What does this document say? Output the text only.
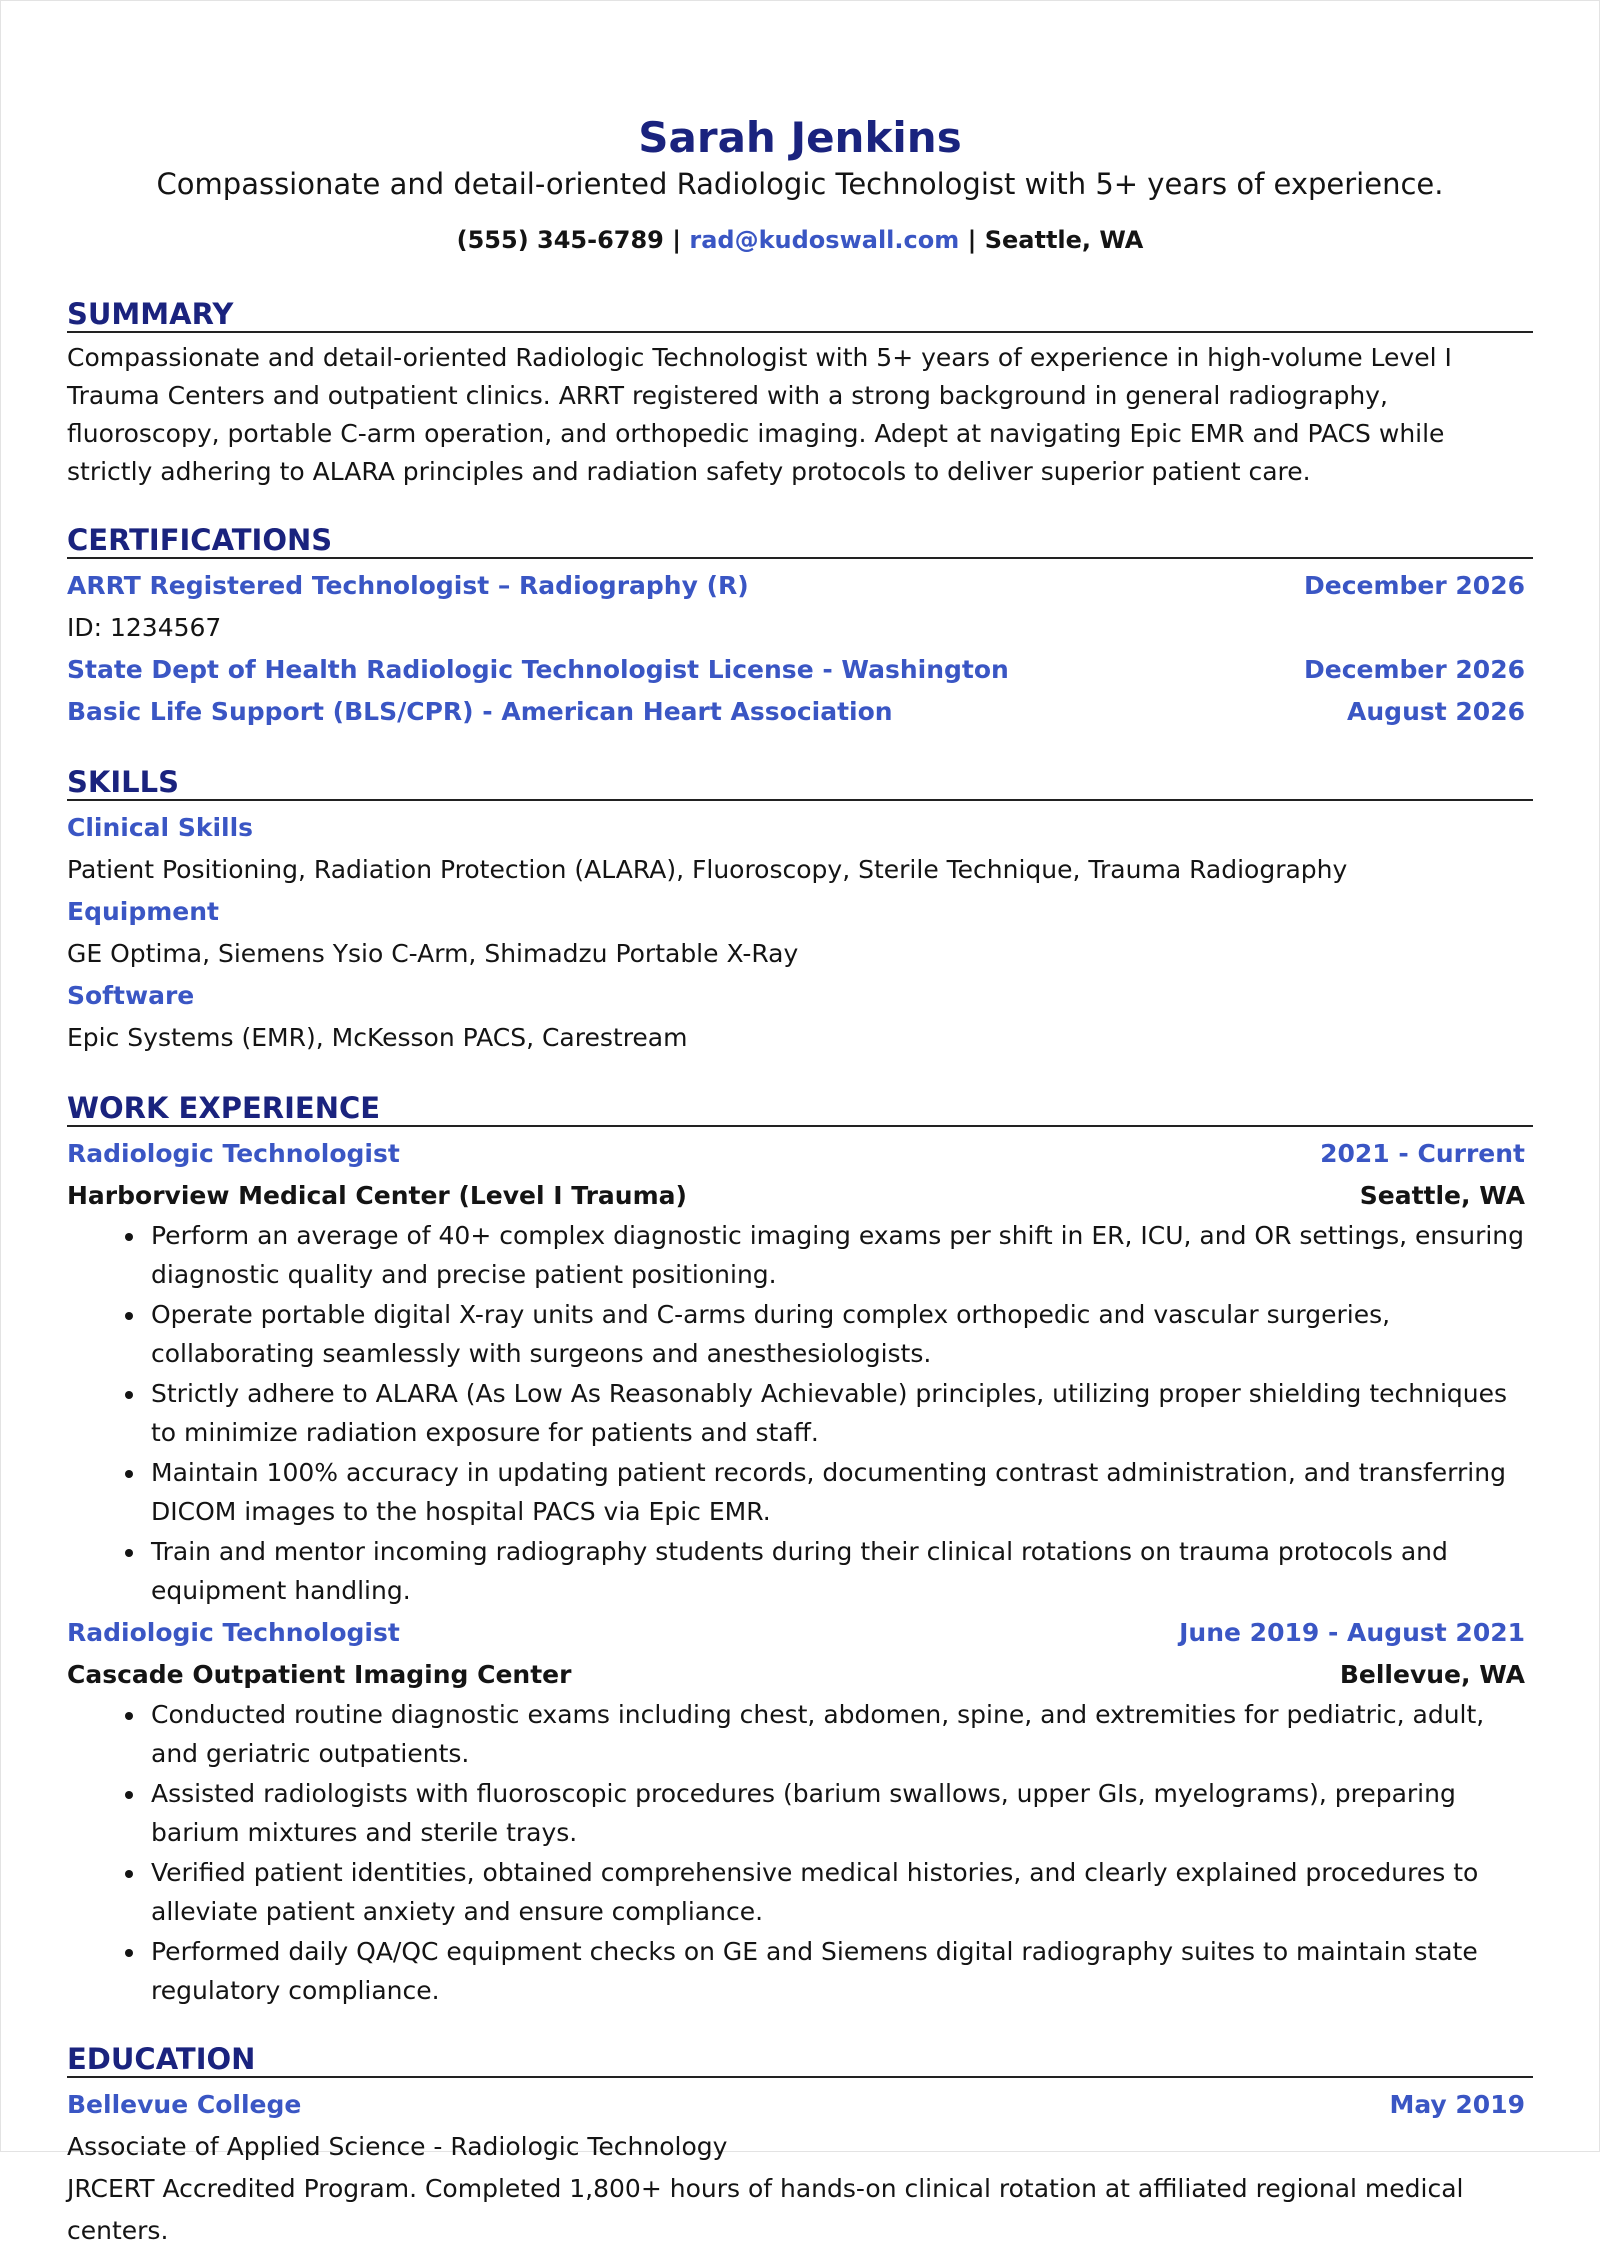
Sarah Jenkins
Compassionate and detail-oriented Radiologic Technologist with 5+ years of experience.
(555) 345-6789 | rad@kudoswall.com | Seattle, WA
SUMMARY
Compassionate and detail-oriented Radiologic Technologist with 5+ years of experience in high-volume Level I Trauma Centers and outpatient clinics. ARRT registered with a strong background in general radiography, fluoroscopy, portable C-arm operation, and orthopedic imaging. Adept at navigating Epic EMR and PACS while strictly adhering to ALARA principles and radiation safety protocols to deliver superior patient care.
CERTIFICATIONS
ARRT Registered Technologist – Radiography (R)	December 2026
ID: 1234567
State Dept of Health Radiologic Technologist License - Washington	December 2026
Basic Life Support (BLS/CPR) - American Heart Association	August 2026
SKILLS
Clinical Skills
Patient Positioning, Radiation Protection (ALARA), Fluoroscopy, Sterile Technique, Trauma Radiography
Equipment
GE Optima, Siemens Ysio C-Arm, Shimadzu Portable X-Ray
Software
Epic Systems (EMR), McKesson PACS, Carestream
WORK EXPERIENCE
Radiologic Technologist	2021 - Current
Harborview Medical Center (Level I Trauma)	Seattle, WA
• Perform an average of 40+ complex diagnostic imaging exams per shift in ER, ICU, and OR settings, ensuring diagnostic quality and precise patient positioning.
• Operate portable digital X-ray units and C-arms during complex orthopedic and vascular surgeries, collaborating seamlessly with surgeons and anesthesiologists.
• Strictly adhere to ALARA (As Low As Reasonably Achievable) principles, utilizing proper shielding techniques to minimize radiation exposure for patients and staff.
• Maintain 100% accuracy in updating patient records, documenting contrast administration, and transferring DICOM images to the hospital PACS via Epic EMR.
• Train and mentor incoming radiography students during their clinical rotations on trauma protocols and equipment handling.
Radiologic Technologist	June 2019 - August 2021
Cascade Outpatient Imaging Center	Bellevue, WA
• Conducted routine diagnostic exams including chest, abdomen, spine, and extremities for pediatric, adult, and geriatric outpatients.
• Assisted radiologists with fluoroscopic procedures (barium swallows, upper GIs, myelograms), preparing barium mixtures and sterile trays.
• Verified patient identities, obtained comprehensive medical histories, and clearly explained procedures to alleviate patient anxiety and ensure compliance.
• Performed daily QA/QC equipment checks on GE and Siemens digital radiography suites to maintain state regulatory compliance.
EDUCATION
Bellevue College	May 2019
Associate of Applied Science - Radiologic Technology
JRCERT Accredited Program. Completed 1,800+ hours of hands-on clinical rotation at affiliated regional medical centers.
